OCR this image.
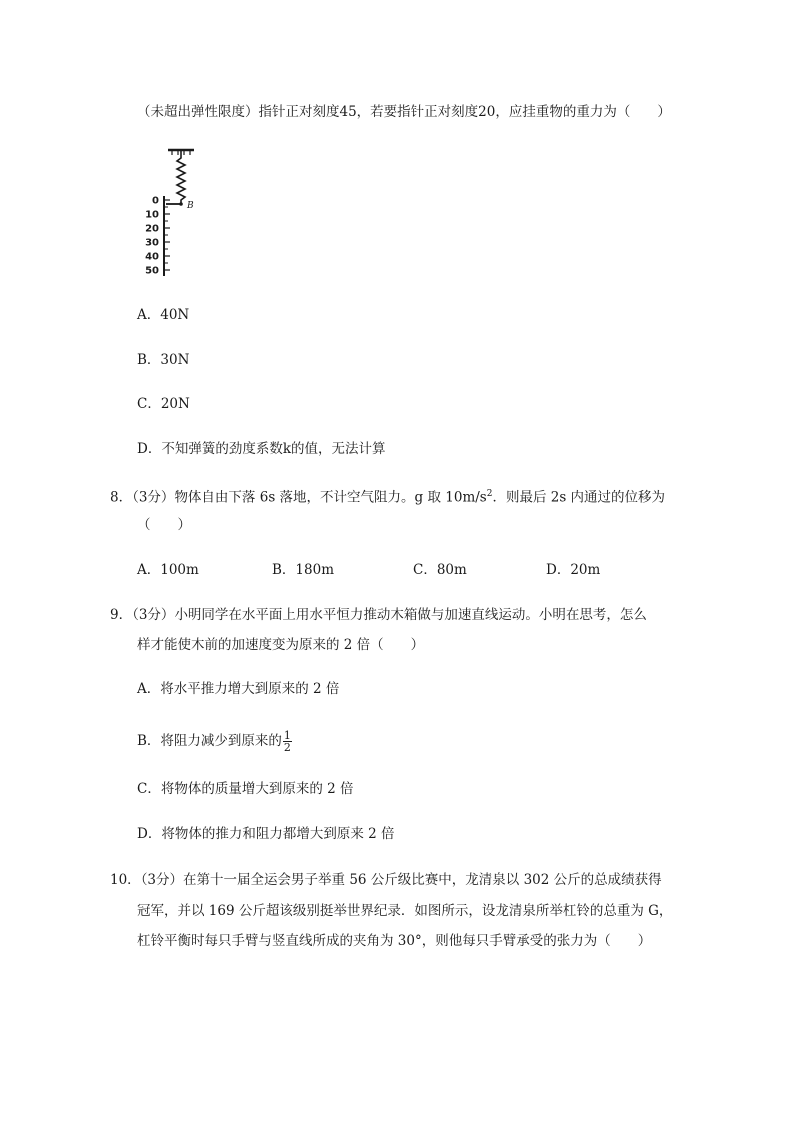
（未超出弹性限度）指针正对刻度45，若要指针正对刻度20，应挂重物的重力为（　　）
0
10
20
30
40
50
B
A．40N
B．30N
C．20N
D．不知弹簧的劲度系数k的值，无法计算
8．（3分）物体自由下落 6s 落地，不计空气阻力。g 取 $10m/s^2$．则最后 2s 内通过的位移为
（　　）
A．100m	B．180m	C．80m	D．20m
9．（3分）小明同学在水平面上用水平恒力推动木箱做与加速直线运动。小明在思考，怎么
样才能使木前的加速度变为原来的 2 倍（　　）
A．将水平推力增大到原来的 2 倍
B．将阻力减少到原来的 $\frac{1}{2}$
C．将物体的质量增大到原来的 2 倍
D．将物体的推力和阻力都增大到原来 2 倍
10．（3分）在第十一届全运会男子举重 56 公斤级比赛中，龙清泉以 302 公斤的总成绩获得
冠军，并以 169 公斤超该级别挺举世界纪录．如图所示，设龙清泉所举杠铃的总重为 G，
杠铃平衡时每只手臂与竖直线所成的夹角为 30°，则他每只手臂承受的张力为（　　）
